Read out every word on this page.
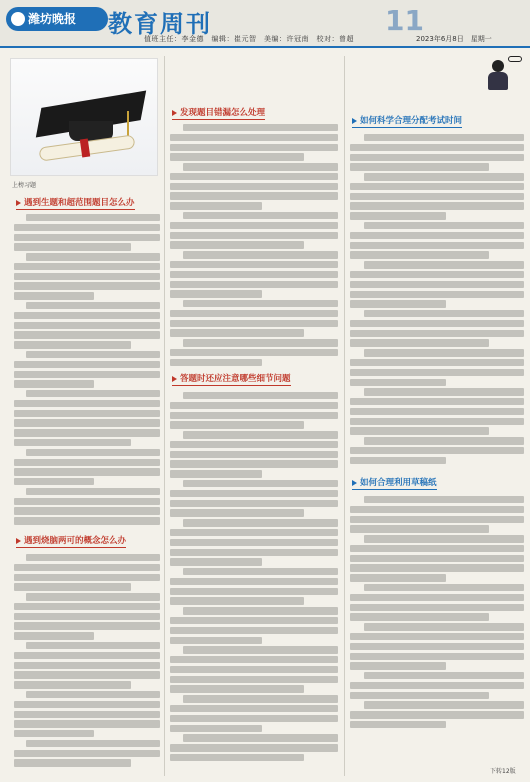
潍坊晚报	教育周刊	11
值班主任：李金德　编辑：崔元智　美编：许冠南　校对：曾超	2023年6月8日　星期一
上榜习题
遇到生题和超范围题目怎么办
遇到烧脑两可的概念怎么办
发现题目错漏怎么处理
答题时还应注意哪些细节问题
如何科学合理分配考试时间
如何合理利用草稿纸
下转12版
